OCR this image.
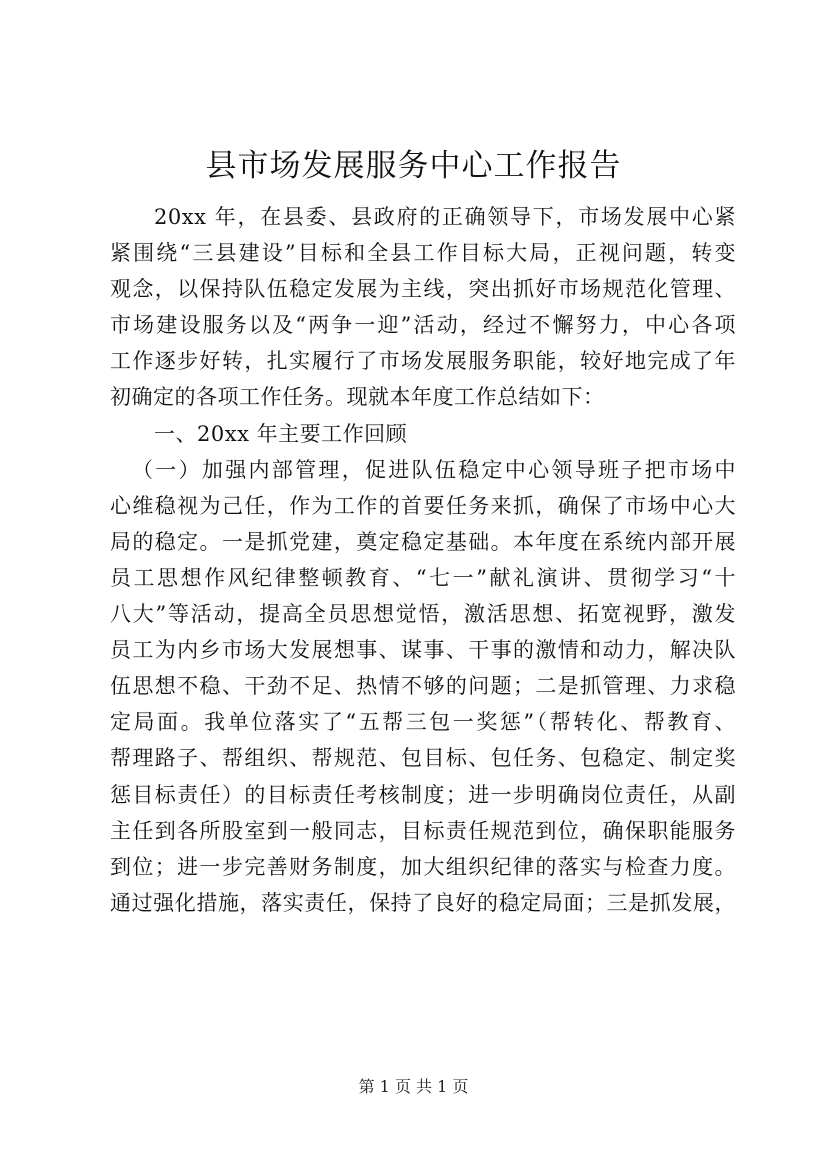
县市场发展服务中心工作报告
20xx 年，在县委、县政府的正确领导下，市场发展中心紧
紧围绕“三县建设”目标和全县工作目标大局，正视问题，转变
观念，以保持队伍稳定发展为主线，突出抓好市场规范化管理、
市场建设服务以及“两争一迎”活动，经过不懈努力，中心各项
工作逐步好转，扎实履行了市场发展服务职能，较好地完成了年
初确定的各项工作任务。现就本年度工作总结如下：
一、20xx 年主要工作回顾
（一）加强内部管理，促进队伍稳定中心领导班子把市场中
心维稳视为己任，作为工作的首要任务来抓，确保了市场中心大
局的稳定。一是抓党建，奠定稳定基础。本年度在系统内部开展
员工思想作风纪律整顿教育、“七一”献礼演讲、贯彻学习“十
八大”等活动，提高全员思想觉悟，激活思想、拓宽视野，激发
员工为内乡市场大发展想事、谋事、干事的激情和动力，解决队
伍思想不稳、干劲不足、热情不够的问题；二是抓管理、力求稳
定局面。我单位落实了“五帮三包一奖惩”（帮转化、帮教育、
帮理路子、帮组织、帮规范、包目标、包任务、包稳定、制定奖
惩目标责任）的目标责任考核制度；进一步明确岗位责任，从副
主任到各所股室到一般同志，目标责任规范到位，确保职能服务
到位；进一步完善财务制度，加大组织纪律的落实与检查力度。
通过强化措施，落实责任，保持了良好的稳定局面；三是抓发展，
第 1 页 共 1 页
